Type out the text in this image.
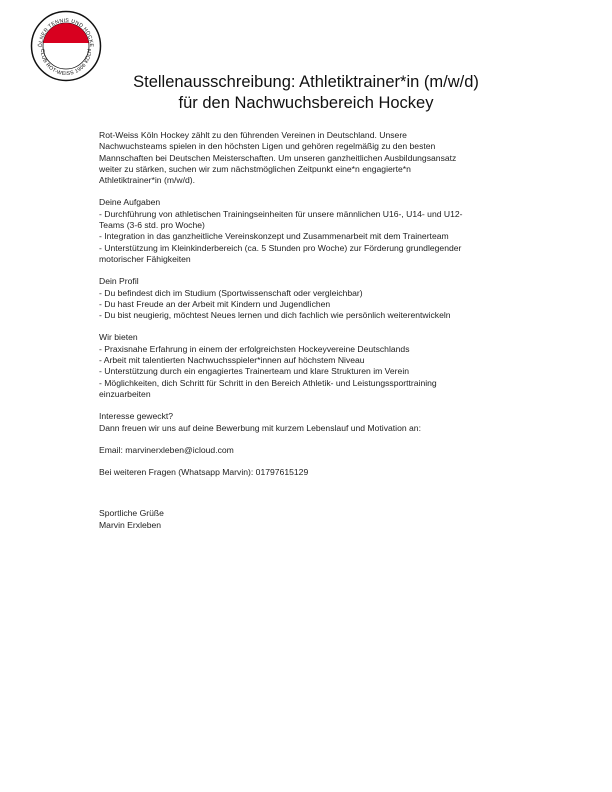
ÖLNER TENNIS UND HOCKE
CLUB ROT-WEISS 1906 KÖLN
Stellenausschreibung: Athletiktrainer*in (m/w/d)
für den Nachwuchsbereich Hockey

Rot-Weiss Köln Hockey zählt zu den führenden Vereinen in Deutschland. Unsere

Nachwuchsteams spielen in den höchsten Ligen und gehören regelmäßig zu den besten

Mannschaften bei Deutschen Meisterschaften. Um unseren ganzheitlichen Ausbildungsansatz

weiter zu stärken, suchen wir zum nächstmöglichen Zeitpunkt eine*n engagierte*n

Athletiktrainer*in (m/w/d).

Deine Aufgaben

- Durchführung von athletischen Trainingseinheiten für unsere männlichen U16-, U14- und U12-

Teams (3-6 std. pro Woche)

- Integration in das ganzheitliche Vereinskonzept und Zusammenarbeit mit dem Trainerteam

- Unterstützung im Kleinkinderbereich (ca. 5 Stunden pro Woche) zur Förderung grundlegender

motorischer Fähigkeiten

Dein Profil

- Du befindest dich im Studium (Sportwissenschaft oder vergleichbar)

- Du hast Freude an der Arbeit mit Kindern und Jugendlichen

- Du bist neugierig, möchtest Neues lernen und dich fachlich wie persönlich weiterentwickeln

Wir bieten

- Praxisnahe Erfahrung in einem der erfolgreichsten Hockeyvereine Deutschlands

- Arbeit mit talentierten Nachwuchsspieler*innen auf höchstem Niveau

- Unterstützung durch ein engagiertes Trainerteam und klare Strukturen im Verein

- Möglichkeiten, dich Schritt für Schritt in den Bereich Athletik- und Leistungssporttraining

einzuarbeiten

Interesse geweckt?

Dann freuen wir uns auf deine Bewerbung mit kurzem Lebenslauf und Motivation an:

Email: marvinerxleben@icloud.com

Bei weiteren Fragen (Whatsapp Marvin): 01797615129

Sportliche Grüße

Marvin Erxleben
